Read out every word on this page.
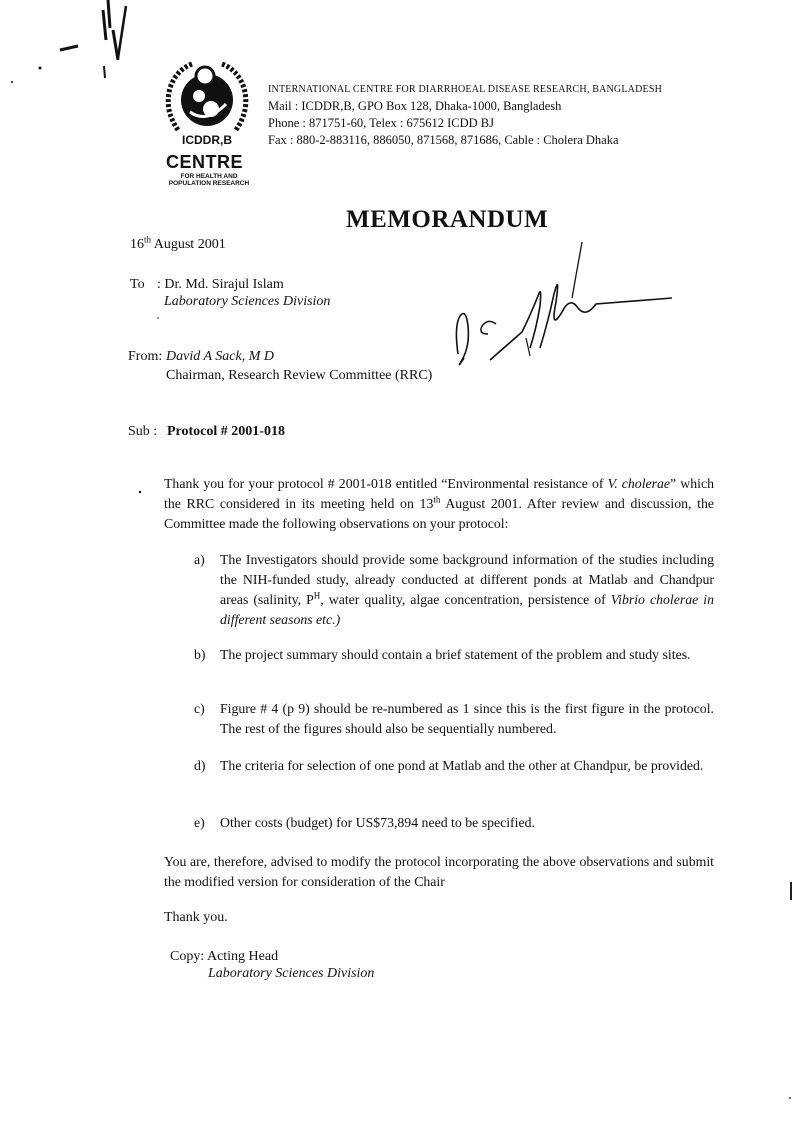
ICDDR,B
CENTRE
FOR HEALTH AND
POPULATION RESEARCH
INTERNATIONAL CENTRE FOR DIARRHOEAL DISEASE RESEARCH, BANGLADESH
Mail : ICDDR,B, GPO Box 128, Dhaka-1000, Bangladesh
Phone : 871751-60, Telex : 675612 ICDD BJ
Fax : 880-2-883116, 886050, 871568, 871686, Cable : Cholera Dhaka
MEMORANDUM
16th August 2001
To : Dr. Md. Sirajul Islam
Laboratory Sciences Division
From: David A Sack, M D
Chairman, Research Review Committee (RRC)
Sub : Protocol # 2001-018
Thank you for your protocol # 2001-018 entitled “Environmental resistance of V. cholerae” which the RRC considered in its meeting held on 13th August 2001. After review and discussion, the Committee made the following observations on your protocol:
a) The Investigators should provide some background information of the studies including the NIH-funded study, already conducted at different ponds at Matlab and Chandpur areas (salinity, $P^H$, water quality, algae concentration, persistence of Vibrio cholerae in different seasons etc.)
b) The project summary should contain a brief statement of the problem and study sites.
c) Figure # 4 (p 9) should be re-numbered as 1 since this is the first figure in the protocol. The rest of the figures should also be sequentially numbered.
d) The criteria for selection of one pond at Matlab and the other at Chandpur, be provided.
e) Other costs (budget) for US$73,894 need to be specified.
You are, therefore, advised to modify the protocol incorporating the above observations and submit the modified version for consideration of the Chair
Thank you.
Copy: Acting Head
Laboratory Sciences Division
